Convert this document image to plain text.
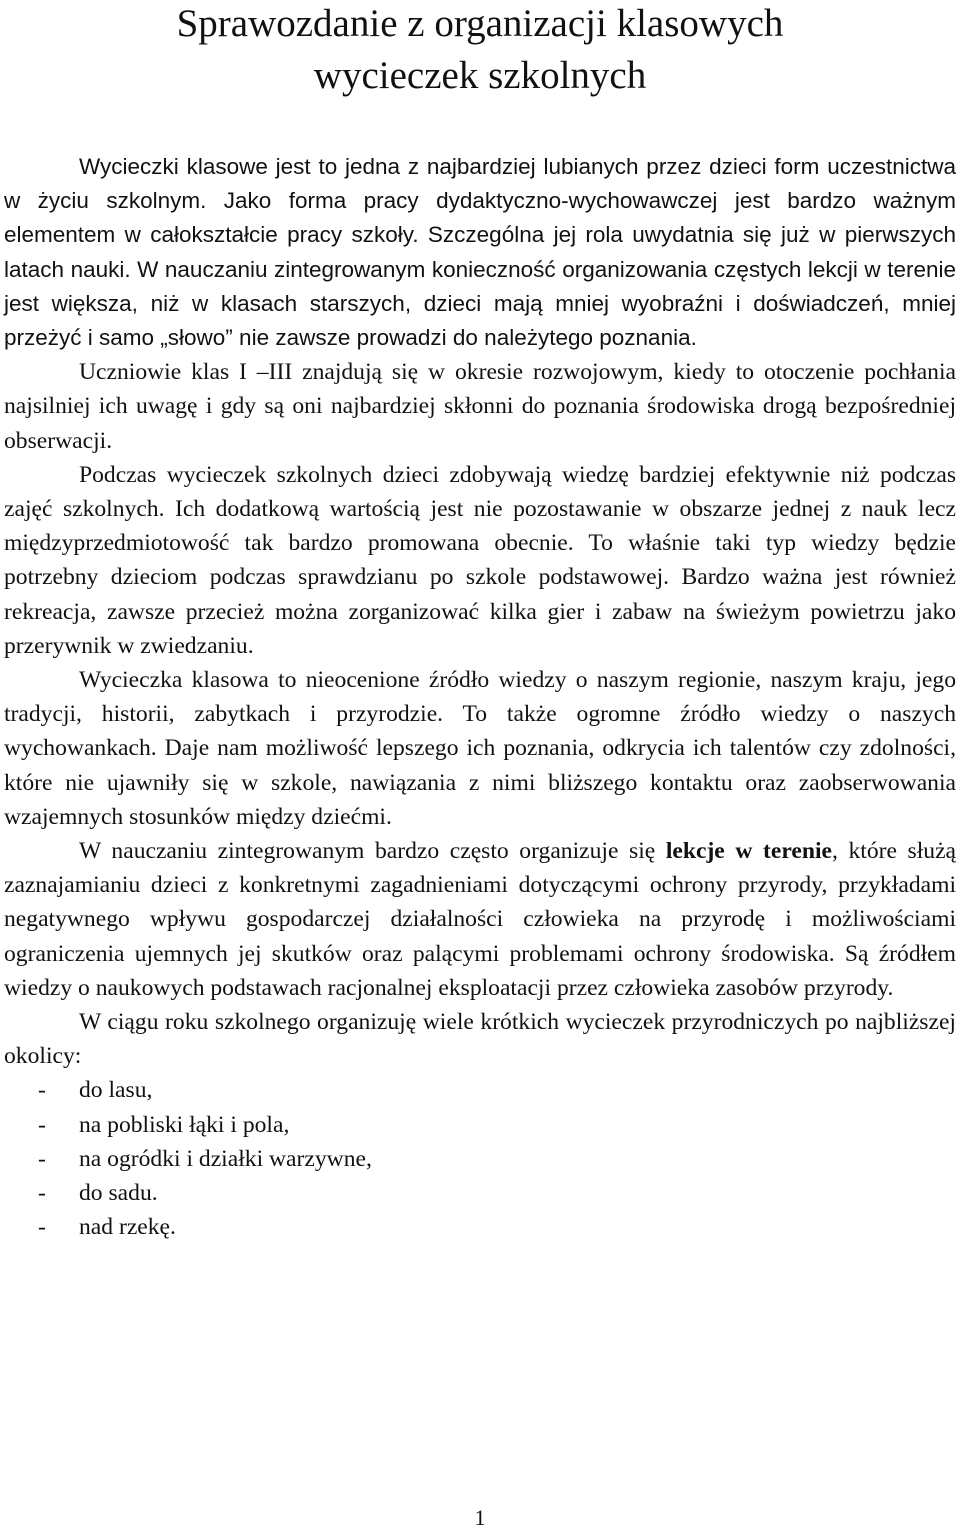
Sprawozdanie z organizacji klasowych
wycieczek szkolnych

Wycieczki klasowe jest to jedna z najbardziej lubianych przez dzieci form uczestnictwa w życiu szkolnym. Jako forma pracy dydaktyczno-wychowawczej jest bardzo ważnym elementem w całokształcie pracy szkoły. Szczególna jej rola uwydatnia się już w pierwszych latach nauki. W nauczaniu zintegrowanym konieczność organizowania częstych lekcji w terenie jest większa, niż w klasach starszych, dzieci mają mniej wyobraźni i doświadczeń, mniej przeżyć i samo „słowo” nie zawsze prowadzi do należytego poznania.

Uczniowie klas I –III znajdują się w okresie rozwojowym, kiedy to otoczenie pochłania najsilniej ich uwagę i gdy są oni najbardziej skłonni do poznania środowiska drogą bezpośredniej obserwacji.

Podczas wycieczek szkolnych dzieci zdobywają wiedzę bardziej efektywnie niż podczas zajęć szkolnych. Ich dodatkową wartością jest nie pozostawanie w obszarze jednej z nauk lecz międzyprzedmiotowość tak bardzo promowana obecnie. To właśnie taki typ wiedzy będzie potrzebny dzieciom podczas sprawdzianu po szkole podstawowej. Bardzo ważna jest również rekreacja, zawsze przecież można zorganizować kilka gier i zabaw na świeżym powietrzu jako przerywnik w zwiedzaniu.

Wycieczka klasowa to nieocenione źródło wiedzy o naszym regionie, naszym kraju, jego tradycji, historii, zabytkach i przyrodzie. To także ogromne źródło wiedzy o naszych wychowankach. Daje nam możliwość lepszego ich poznania, odkrycia ich talentów czy zdolności, które nie ujawniły się w szkole, nawiązania z nimi bliższego kontaktu oraz zaobserwowania wzajemnych stosunków między dziećmi.

W nauczaniu zintegrowanym bardzo często organizuje się lekcje w terenie, które służą zaznajamianiu dzieci z konkretnymi zagadnieniami dotyczącymi ochrony przyrody, przykładami negatywnego wpływu gospodarczej działalności człowieka na przyrodę i możliwościami ograniczenia ujemnych jej skutków oraz palącymi problemami ochrony środowiska. Są źródłem wiedzy o naukowych podstawach racjonalnej eksploatacji przez człowieka zasobów przyrody.

W ciągu roku szkolnego organizuję wiele krótkich wycieczek przyrodniczych po najbliższej okolicy:

- do lasu,
- na pobliski łąki i pola,
- na ogródki i działki warzywne,
- do sadu.
- nad rzekę.
1
